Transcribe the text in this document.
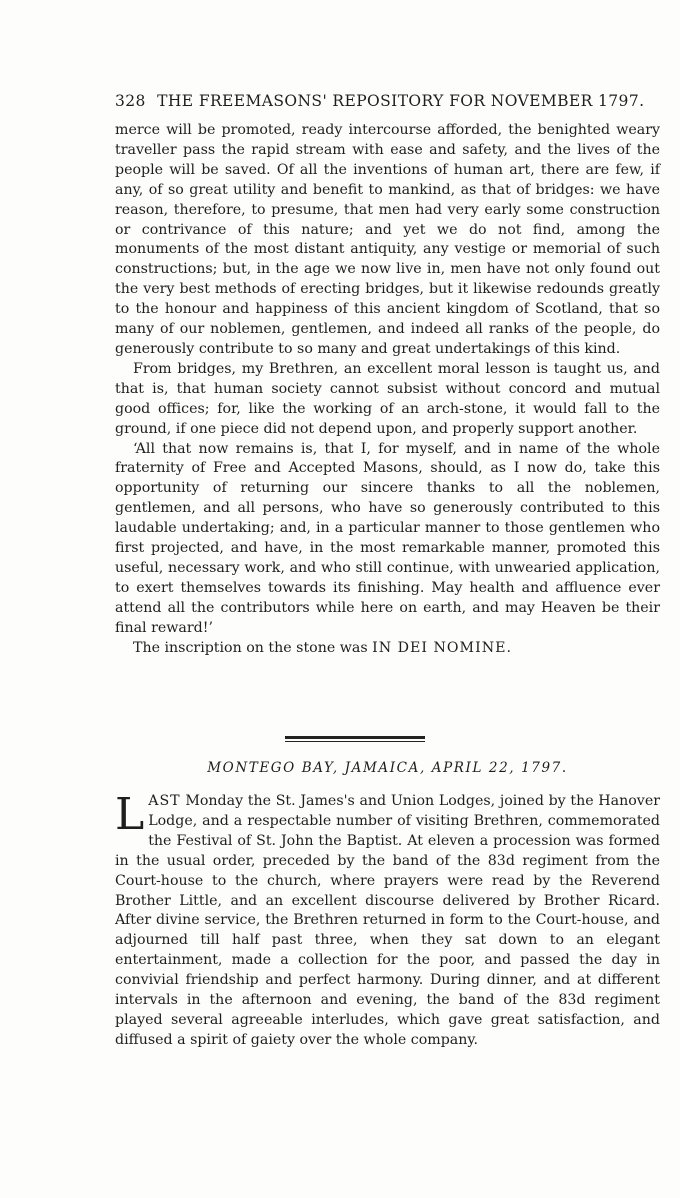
328 THE FREEMASONS' REPOSITORY FOR NOVEMBER 1797.

merce will be promoted, ready intercourse afforded, the benighted weary traveller pass the rapid stream with ease and safety, and the lives of the people will be saved. Of all the inventions of human art, there are few, if any, of so great utility and benefit to mankind, as that of bridges: we have reason, therefore, to presume, that men had very early some construction or contrivance of this nature; and yet we do not find, among the monuments of the most distant antiquity, any vestige or memorial of such constructions; but, in the age we now live in, men have not only found out the very best methods of erecting bridges, but it likewise redounds greatly to the honour and happiness of this ancient kingdom of Scotland, that so many of our noblemen, gentlemen, and indeed all ranks of the people, do generously contribute to so many and great undertakings of this kind.

From bridges, my Brethren, an excellent moral lesson is taught us, and that is, that human society cannot subsist without concord and mutual good offices; for, like the working of an arch-stone, it would fall to the ground, if one piece did not depend upon, and properly support another.

‘All that now remains is, that I, for myself, and in name of the whole fraternity of Free and Accepted Masons, should, as I now do, take this opportunity of returning our sincere thanks to all the noblemen, gentlemen, and all persons, who have so generously contributed to this laudable undertaking; and, in a particular manner to those gentlemen who first projected, and have, in the most remarkable manner, promoted this useful, necessary work, and who still continue, with unwearied application, to exert themselves towards its finishing. May health and affluence ever attend all the contributors while here on earth, and may Heaven be their final reward!’

The inscription on the stone was IN DEI NOMINE.

MONTEGO BAY, JAMAICA, APRIL 22, 1797.

LAST Monday the St. James's and Union Lodges, joined by the Hanover Lodge, and a respectable number of visiting Brethren, commemorated the Festival of St. John the Baptist. At eleven a procession was formed in the usual order, preceded by the band of the 83d regiment from the Court-house to the church, where prayers were read by the Reverend Brother Little, and an excellent discourse delivered by Brother Ricard. After divine service, the Brethren returned in form to the Court-house, and adjourned till half past three, when they sat down to an elegant entertainment, made a collection for the poor, and passed the day in convivial friendship and perfect harmony. During dinner, and at different intervals in the afternoon and evening, the band of the 83d regiment played several agreeable interludes, which gave great satisfaction, and diffused a spirit of gaiety over the whole company.
